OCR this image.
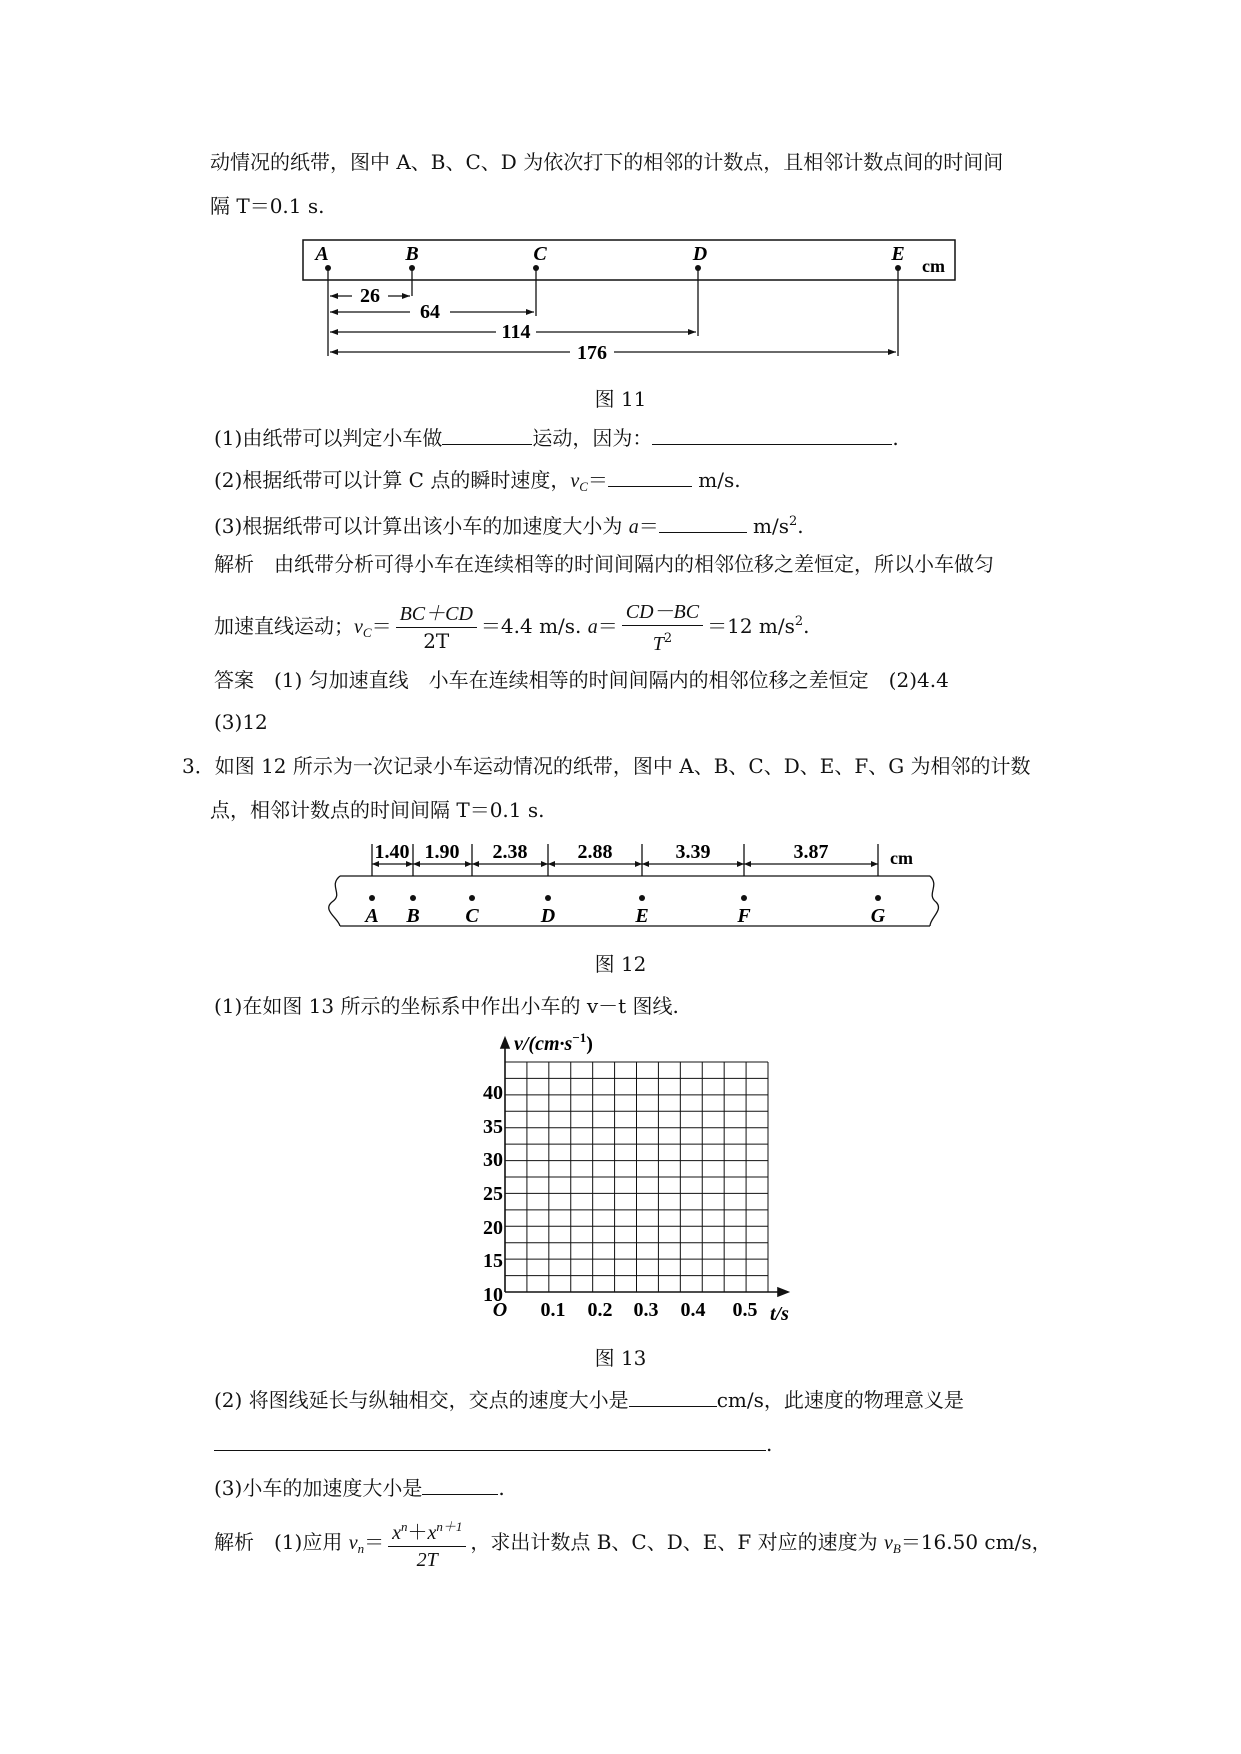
动情况的纸带，图中 A、B、C、D 为依次打下的相邻的计数点，且相邻计数点间的时间间
隔 T＝0.1 s.
A	B	C	D	E
cm
26
64
114
176
图 11
(1)由纸带可以判定小车做	运动，因为：	.
(2)根据纸带可以计算 C 点的瞬时速度，$v_C=$	m/s.
(3)根据纸带可以计算出该小车的加速度大小为 a＝	$m/s^2$.
解析　由纸带分析可得小车在连续相等的时间间隔内的相邻位移之差恒定，所以小车做匀
加速直线运动；$v_C= \frac{BC+CD}{2T} =4.4$ m/s. $a= \frac{CD-BC}{T^2} =12$ $m/s^2$.
答案　(1) 匀加速直线　小车在连续相等的时间间隔内的相邻位移之差恒定　(2)4.4
(3)12
3．如图 12 所示为一次记录小车运动情况的纸带，图中 A、B、C、D、E、F、G 为相邻的计数
点，相邻计数点的时间间隔 T＝0.1 s.
1.40 1.90 2.38	2.88	3.39	3.87	cm
A B C	D	E	F	G
图 12
(1)在如图 13 所示的坐标系中作出小车的 v－t 图线.
$v/(cm\cdot s^{-1})$
40
35
30
25
20
15
10
O 0.1 0.2 0.3 0.4 0.5 t/s
图 13
(2) 将图线延长与纵轴相交，交点的速度大小是	cm/s，此速度的物理意义是
.
(3)小车的加速度大小是	.
解析　(1)应用 $v_n= \frac{x^n+x^{n+1}}{2T}$ ，求出计数点 B、C、D、E、F 对应的速度为 $v_B=16.50$ cm/s，
